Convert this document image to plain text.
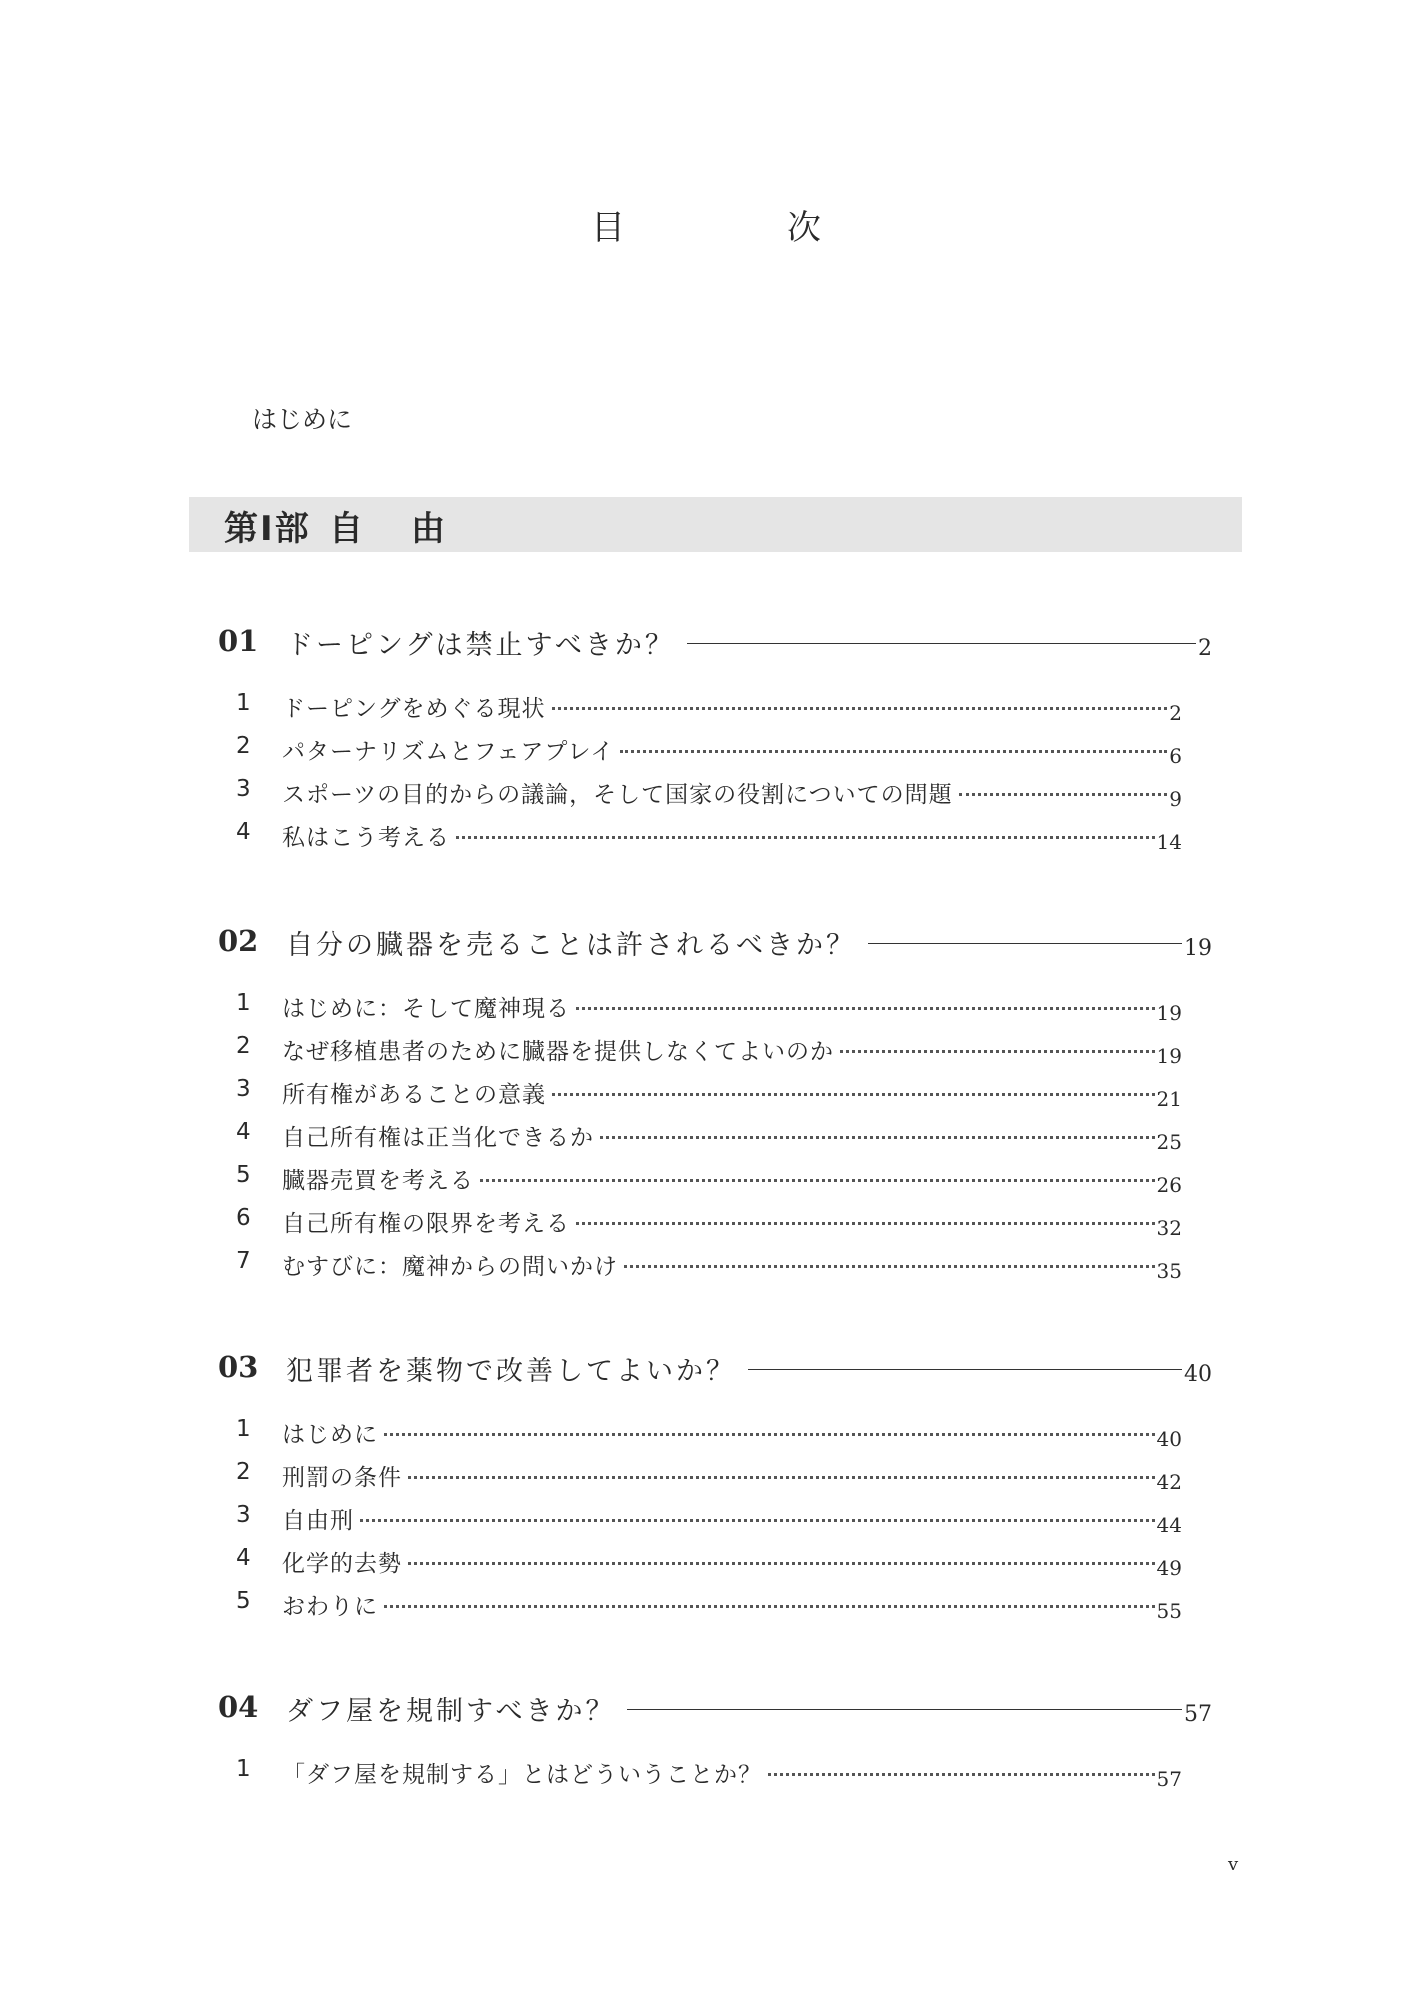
目　次
はじめに
第Ⅰ部 自由
01 ドーピングは禁止すべきか？	2
1 ドーピングをめぐる現状	2
2 パターナリズムとフェアプレイ	6
3 スポーツの目的からの議論，そして国家の役割についての問題	9
4 私はこう考える	14
02 自分の臓器を売ることは許されるべきか？	19
1 はじめに：そして魔神現る	19
2 なぜ移植患者のために臓器を提供しなくてよいのか	19
3 所有権があることの意義	21
4 自己所有権は正当化できるか	25
5 臓器売買を考える	26
6 自己所有権の限界を考える	32
7 むすびに：魔神からの問いかけ	35
03 犯罪者を薬物で改善してよいか？	40
1 はじめに	40
2 刑罰の条件	42
3 自由刑	44
4 化学的去勢	49
5 おわりに	55
04 ダフ屋を規制すべきか？	57
1 「ダフ屋を規制する」とはどういうことか？	57
v
